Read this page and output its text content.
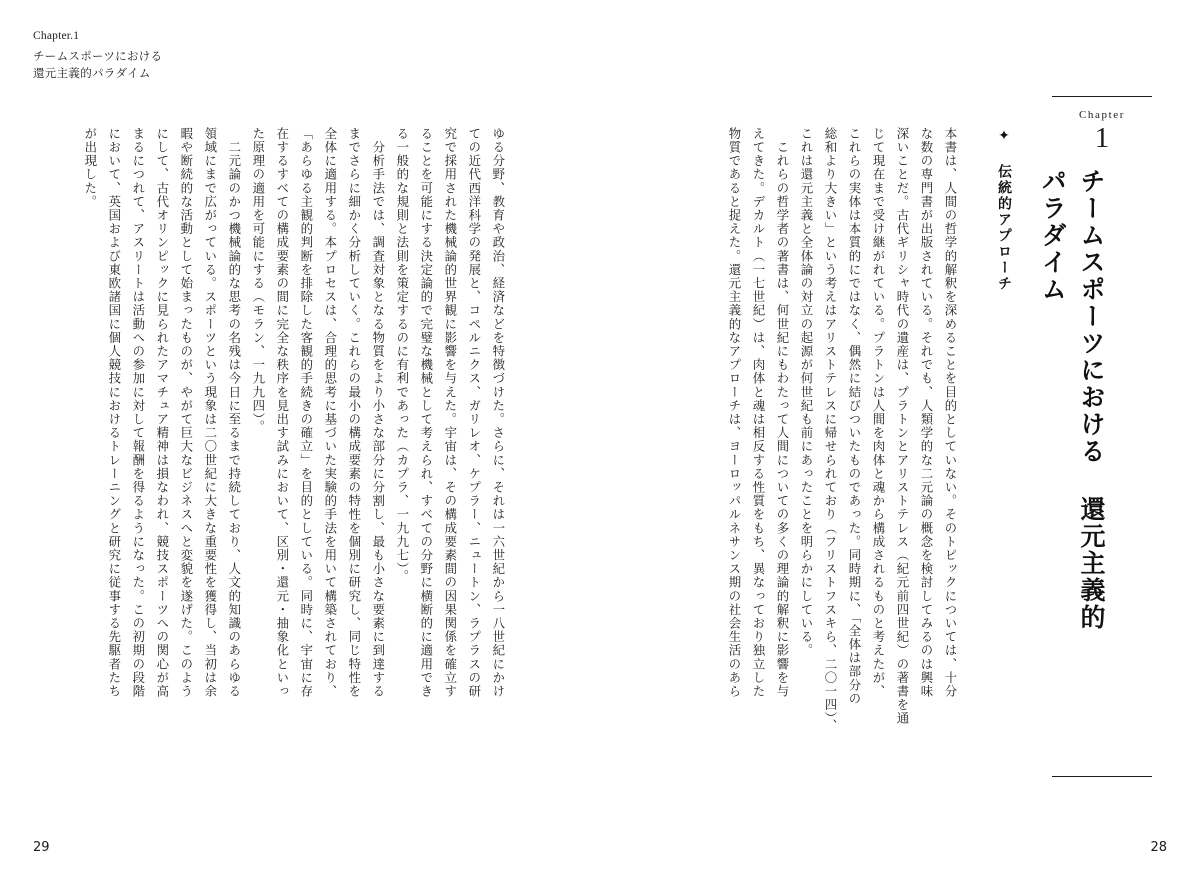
Chapter.1
チームスポーツにおける
還元主義的パラダイム
Chapter
1
チームスポーツにおける 還元主義的パラダイム
✦ 伝統的アプローチ
本書は、人間の哲学的解釈を深めることを目的としていない。そのトピックについては、十分
な数の専門書が出版されている。それでも、人類学的な二元論の概念を検討してみるのは興味
深いことだ。古代ギリシャ時代の遺産は、プラトンとアリストテレス（紀元前四世紀）の著書を通
じて現在まで受け継がれている。プラトンは人間を肉体と魂から構成されるものと考えたが、
これらの実体は本質的にではなく、偶然に結びついたものであった。同時期に、「全体は部分の
総和より大きい」という考えはアリストテレスに帰せられており（フリストフスキら、二〇一四）、
これは還元主義と全体論の対立の起源が何世紀も前にあったことを明らかにしている。
　これらの哲学者の著書は、何世紀にもわたって人間についての多くの理論的解釈に影響を与
えてきた。デカルト（一七世紀）は、肉体と魂は相反する性質をもち、異なっており独立した
物質であると捉えた。還元主義的なアプローチは、ヨーロッパルネサンス期の社会生活のあら
ゆる分野、教育や政治、経済などを特徴づけた。さらに、それは一六世紀から一八世紀にかけ
ての近代西洋科学の発展と、コペルニクス、ガリレオ、ケプラー、ニュートン、ラプラスの研
究で採用された機械論的世界観に影響を与えた。宇宙は、その構成要素間の因果関係を確立す
ることを可能にする決定論的で完璧な機械として考えられ、すべての分野に横断的に適用でき
る一般的な規則と法則を策定するのに有利であった（カプラ、一九九七）。
　分析手法では、調査対象となる物質をより小さな部分に分割し、最も小さな要素に到達する
までさらに細かく分析していく。これらの最小の構成要素の特性を個別に研究し、同じ特性を
全体に適用する。本プロセスは、合理的思考に基づいた実験的手法を用いて構築されており、
「あらゆる主観的判断を排除した客観的手続きの確立」を目的としている。同時に、宇宙に存
在するすべての構成要素の間に完全な秩序を見出す試みにおいて、区別・還元・抽象化といっ
た原理の適用を可能にする（モラン、一九九四）。
　二元論のかつ機械論的な思考の名残は今日に至るまで持続しており、人文的知識のあらゆる
領域にまで広がっている。スポーツという現象は二〇世紀に大きな重要性を獲得し、当初は余
暇や断続的な活動として始まったものが、やがて巨大なビジネスへと変貌を遂げた。このよう
にして、古代オリンピックに見られたアマチュア精神は損なわれ、競技スポーツへの関心が高
まるにつれて、アスリートは活動への参加に対して報酬を得るようになった。この初期の段階
において、英国および東欧諸国に個人競技におけるトレーニングと研究に従事する先駆者たち
が出現した。
29	28
